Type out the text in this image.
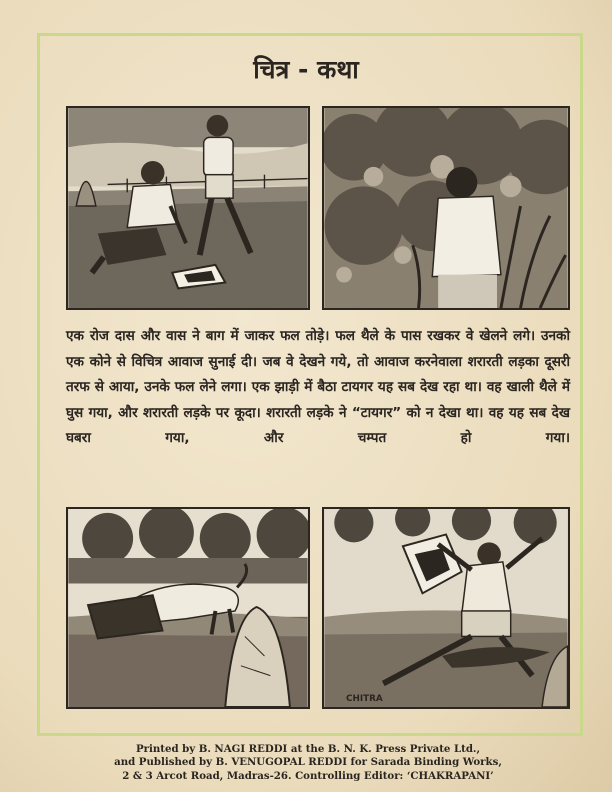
चित्र - कथा

एक रोज दास और वास ने बाग में जाकर फल तोड़े। फल थैले के पास रखकर वे खेलने लगे। उनको एक कोने से विचित्र आवाज सुनाई दी। जब वे देखने गये, तो आवाज करनेवाला शरारती लड़का दूसरी तरफ से आया, उनके फल लेने लगा। एक झाड़ी में बैठा टायगर यह सब देख रहा था। वह खाली थैले में घुस गया, और शरारती लड़के पर कूदा। शरारती लड़के ने “टायगर” को न देखा था। वह यह सब देख घबरा गया, और चम्पत हो गया।

CHITRA
Printed by B. NAGI REDDI at the B. N. K. Press Private Ltd.,
and Published by B. VENUGOPAL REDDI for Sarada Binding Works,
2 & 3 Arcot Road, Madras-26. Controlling Editor: ‘CHAKRAPANI’
